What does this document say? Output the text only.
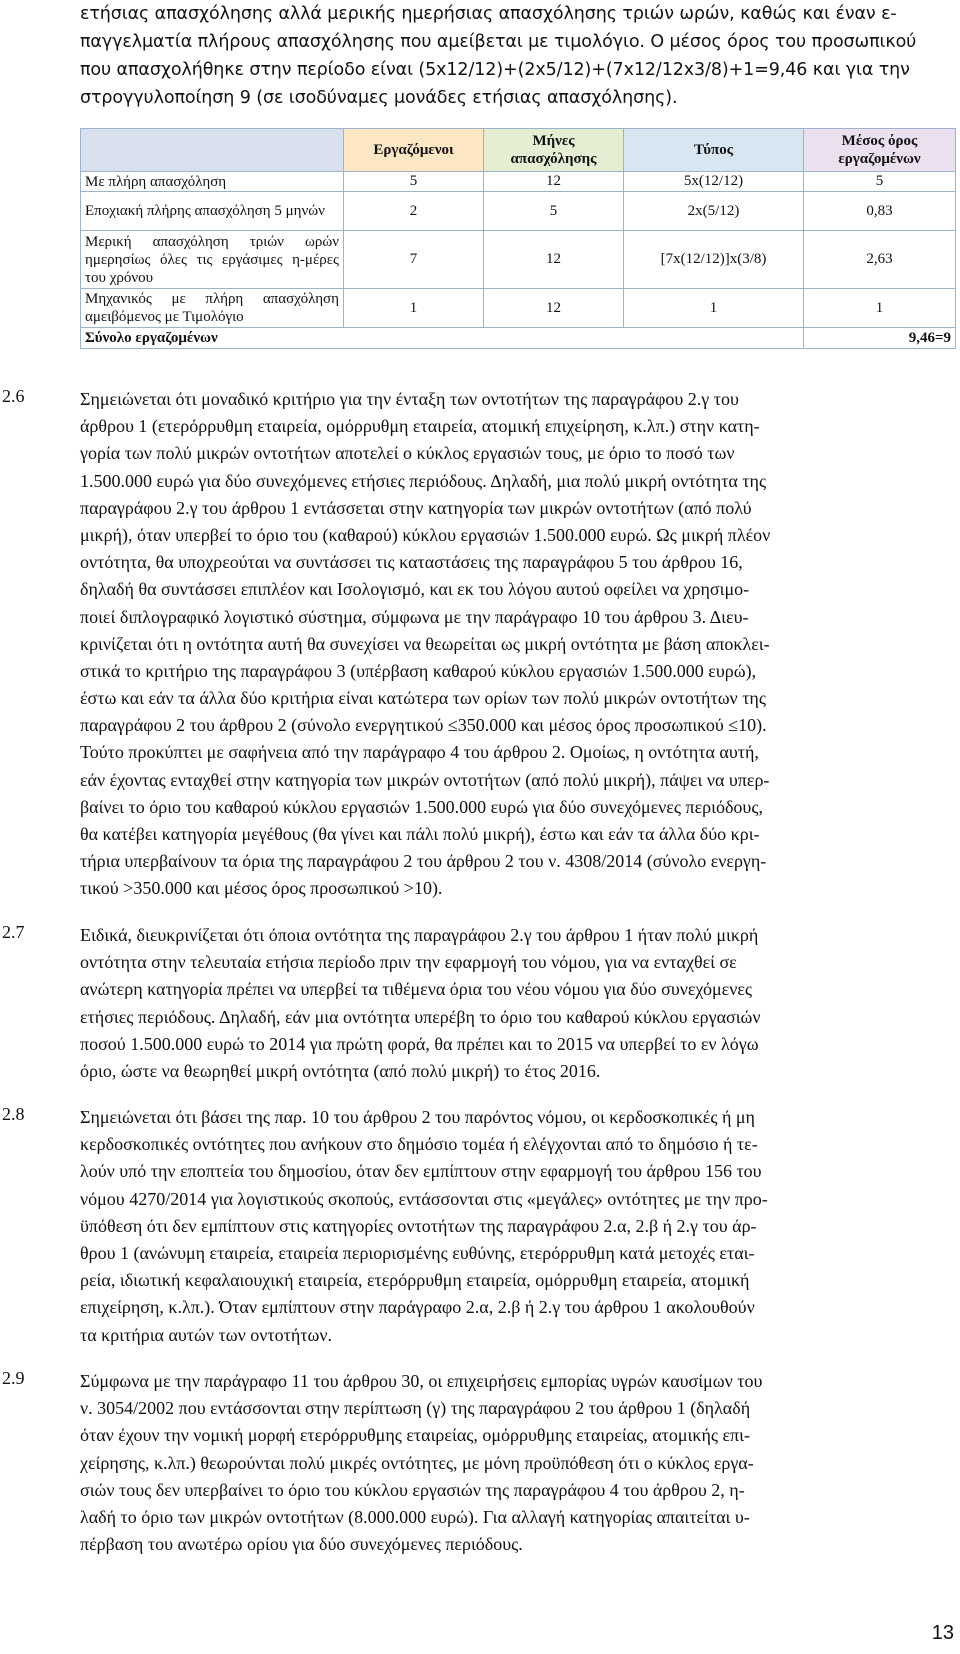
ετήσιας απασχόλησης αλλά μερικής ημερήσιας απασχόλησης τριών ωρών, καθώς και έναν ε-
παγγελματία πλήρους απασχόλησης που αμείβεται με τιμολόγιο. Ο μέσος όρος του προσωπικού
που απασχολήθηκε στην περίοδο είναι (5x12/12)+(2x5/12)+(7x12/12x3/8)+1=9,46 και για την
στρογγυλοποίηση 9 (σε ισοδύναμες μονάδες ετήσιας απασχόλησης).
	Εργαζόμενοι	Μήνες απασχόλησης	Τύπος	Μέσος όρος εργαζομένων
Με πλήρη απασχόληση	5	12	5x(12/12)	5
Εποχιακή πλήρης απασχόληση 5 μηνών	2	5	2x(5/12)	0,83
Μερική απασχόληση τριών ωρών ημερησίως όλες τις εργάσιμες η-μέρες του χρόνου	7	12	[7x(12/12)]x(3/8)	2,63
Μηχανικός με πλήρη απασχόληση αμειβόμενος με Τιμολόγιο	1	12	1	1
Σύνολο εργαζομένων				9,46=9
2.6	Σημειώνεται ότι μοναδικό κριτήριο για την ένταξη των οντοτήτων της παραγράφου 2.γ του
άρθρου 1 (ετερόρρυθμη εταιρεία, ομόρρυθμη εταιρεία, ατομική επιχείρηση, κ.λπ.) στην κατη-
γορία των πολύ μικρών οντοτήτων αποτελεί ο κύκλος εργασιών τους, με όριο το ποσό των
1.500.000 ευρώ για δύο συνεχόμενες ετήσιες περιόδους. Δηλαδή, μια πολύ μικρή οντότητα της
παραγράφου 2.γ του άρθρου 1 εντάσσεται στην κατηγορία των μικρών οντοτήτων (από πολύ
μικρή), όταν υπερβεί το όριο του (καθαρού) κύκλου εργασιών 1.500.000 ευρώ. Ως μικρή πλέον
οντότητα, θα υποχρεούται να συντάσσει τις καταστάσεις της παραγράφου 5 του άρθρου 16,
δηλαδή θα συντάσσει επιπλέον και Ισολογισμό, και εκ του λόγου αυτού οφείλει να χρησιμο-
ποιεί διπλογραφικό λογιστικό σύστημα, σύμφωνα με την παράγραφο 10 του άρθρου 3. Διευ-
κρινίζεται ότι η οντότητα αυτή θα συνεχίσει να θεωρείται ως μικρή οντότητα με βάση αποκλει-
στικά το κριτήριο της παραγράφου 3 (υπέρβαση καθαρού κύκλου εργασιών 1.500.000 ευρώ),
έστω και εάν τα άλλα δύο κριτήρια είναι κατώτερα των ορίων των πολύ μικρών οντοτήτων της
παραγράφου 2 του άρθρου 2 (σύνολο ενεργητικού ≤350.000 και μέσος όρος προσωπικού ≤10).
Τούτο προκύπτει με σαφήνεια από την παράγραφο 4 του άρθρου 2. Ομοίως, η οντότητα αυτή,
εάν έχοντας ενταχθεί στην κατηγορία των μικρών οντοτήτων (από πολύ μικρή), πάψει να υπερ-
βαίνει το όριο του καθαρού κύκλου εργασιών 1.500.000 ευρώ για δύο συνεχόμενες περιόδους,
θα κατέβει κατηγορία μεγέθους (θα γίνει και πάλι πολύ μικρή), έστω και εάν τα άλλα δύο κρι-
τήρια υπερβαίνουν τα όρια της παραγράφου 2 του άρθρου 2 του ν. 4308/2014 (σύνολο ενεργη-
τικού >350.000 και μέσος όρος προσωπικού >10).
2.7	Ειδικά, διευκρινίζεται ότι όποια οντότητα της παραγράφου 2.γ του άρθρου 1 ήταν πολύ μικρή
οντότητα στην τελευταία ετήσια περίοδο πριν την εφαρμογή του νόμου, για να ενταχθεί σε
ανώτερη κατηγορία πρέπει να υπερβεί τα τιθέμενα όρια του νέου νόμου για δύο συνεχόμενες
ετήσιες περιόδους. Δηλαδή, εάν μια οντότητα υπερέβη το όριο του καθαρού κύκλου εργασιών
ποσού 1.500.000 ευρώ το 2014 για πρώτη φορά, θα πρέπει και το 2015 να υπερβεί το εν λόγω
όριο, ώστε να θεωρηθεί μικρή οντότητα (από πολύ μικρή) το έτος 2016.
2.8	Σημειώνεται ότι βάσει της παρ. 10 του άρθρου 2 του παρόντος νόμου, οι κερδοσκοπικές ή μη
κερδοσκοπικές οντότητες που ανήκουν στο δημόσιο τομέα ή ελέγχονται από το δημόσιο ή τε-
λούν υπό την εποπτεία του δημοσίου, όταν δεν εμπίπτουν στην εφαρμογή του άρθρου 156 του
νόμου 4270/2014 για λογιστικούς σκοπούς, εντάσσονται στις «μεγάλες» οντότητες με την προ-
ϋπόθεση ότι δεν εμπίπτουν στις κατηγορίες οντοτήτων της παραγράφου 2.α, 2.β ή 2.γ του άρ-
θρου 1 (ανώνυμη εταιρεία, εταιρεία περιορισμένης ευθύνης, ετερόρρυθμη κατά μετοχές εται-
ρεία, ιδιωτική κεφαλαιουχική εταιρεία, ετερόρρυθμη εταιρεία, ομόρρυθμη εταιρεία, ατομική
επιχείρηση, κ.λπ.). Όταν εμπίπτουν στην παράγραφο 2.α, 2.β ή 2.γ του άρθρου 1 ακολουθούν
τα κριτήρια αυτών των οντοτήτων.
2.9	Σύμφωνα με την παράγραφο 11 του άρθρου 30, οι επιχειρήσεις εμπορίας υγρών καυσίμων του
ν. 3054/2002 που εντάσσονται στην περίπτωση (γ) της παραγράφου 2 του άρθρου 1 (δηλαδή
όταν έχουν την νομική μορφή ετερόρρυθμης εταιρείας, ομόρρυθμης εταιρείας, ατομικής επι-
χείρησης, κ.λπ.) θεωρούνται πολύ μικρές οντότητες, με μόνη προϋπόθεση ότι ο κύκλος εργα-
σιών τους δεν υπερβαίνει το όριο του κύκλου εργασιών της παραγράφου 4 του άρθρου 2, η-
λαδή το όριο των μικρών οντοτήτων (8.000.000 ευρώ). Για αλλαγή κατηγορίας απαιτείται υ-
πέρβαση του ανωτέρω ορίου για δύο συνεχόμενες περιόδους.
13
